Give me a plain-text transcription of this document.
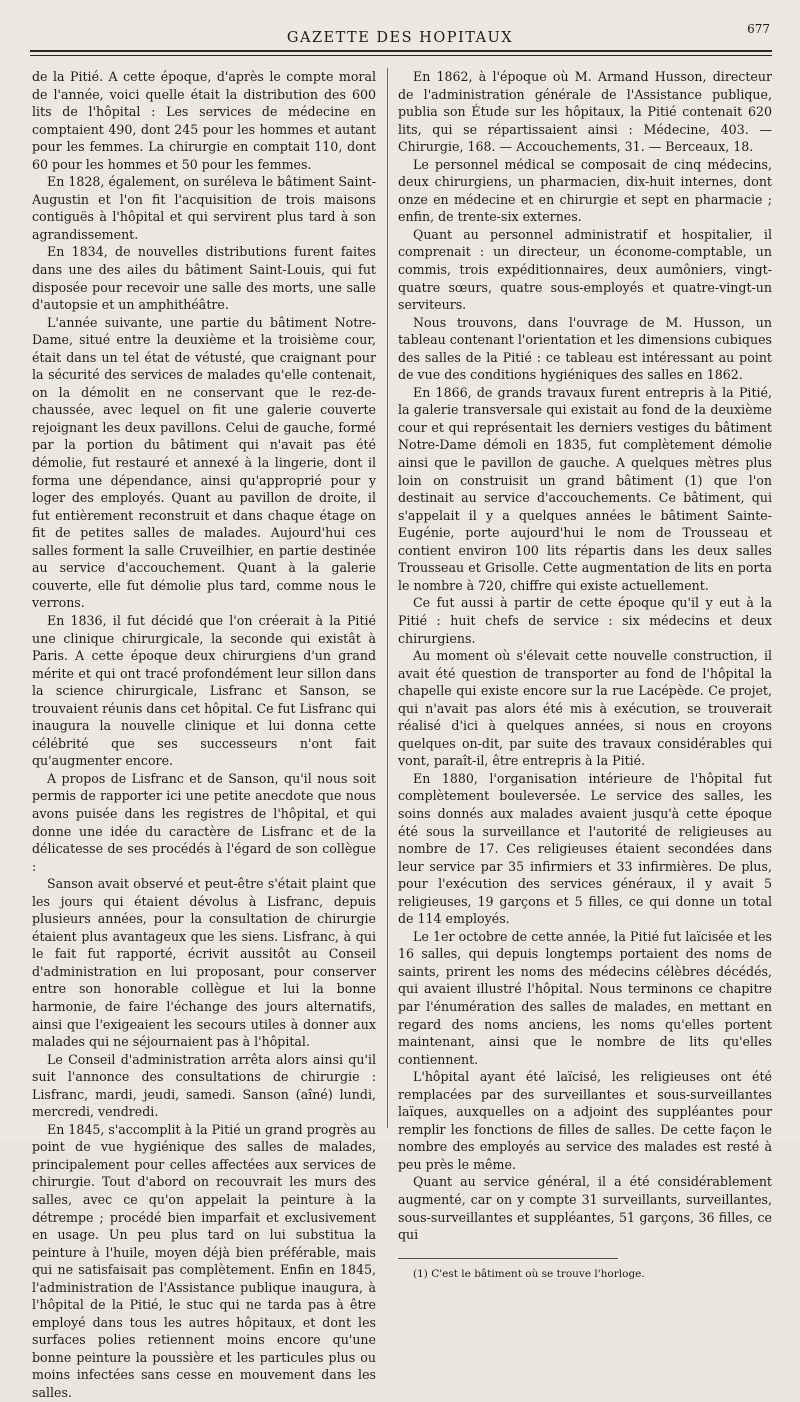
677
GAZETTE DES HOPITAUX

de la Pitié. A cette époque, d'après le compte moral de l'année, voici quelle était la distribution des 600 lits de l'hôpital : Les services de médecine en comptaient 490, dont 245 pour les hommes et autant pour les femmes. La chirurgie en comptait 110, dont 60 pour les hommes et 50 pour les femmes.

En 1828, également, on suréleva le bâtiment Saint-Augustin et l'on fit l'acquisition de trois maisons contiguës à l'hôpital et qui servirent plus tard à son agrandissement.

En 1834, de nouvelles distributions furent faites dans une des ailes du bâtiment Saint-Louis, qui fut disposée pour recevoir une salle des morts, une salle d'autopsie et un amphithéâtre.

L'année suivante, une partie du bâtiment Notre-Dame, situé entre la deuxième et la troisième cour, était dans un tel état de vétusté, que craignant pour la sécurité des services de malades qu'elle contenait, on la démolit en ne conservant que le rez-de-chaussée, avec lequel on fit une galerie couverte rejoignant les deux pavillons. Celui de gauche, formé par la portion du bâtiment qui n'avait pas été démolie, fut restauré et annexé à la lingerie, dont il forma une dépendance, ainsi qu'approprié pour y loger des employés. Quant au pavillon de droite, il fut entièrement reconstruit et dans chaque étage on fit de petites salles de malades. Aujourd'hui ces salles forment la salle Cruveilhier, en partie destinée au service d'accouchement. Quant à la galerie couverte, elle fut démolie plus tard, comme nous le verrons.

En 1836, il fut décidé que l'on créerait à la Pitié une clinique chirurgicale, la seconde qui existât à Paris. A cette époque deux chirurgiens d'un grand mérite et qui ont tracé profondément leur sillon dans la science chirurgicale, Lisfranc et Sanson, se trouvaient réunis dans cet hôpital. Ce fut Lisfranc qui inaugura la nouvelle clinique et lui donna cette célébrité que ses successeurs n'ont fait qu'augmenter encore.

A propos de Lisfranc et de Sanson, qu'il nous soit permis de rapporter ici une petite anecdote que nous avons puisée dans les registres de l'hôpital, et qui donne une idée du caractère de Lisfranc et de la délicatesse de ses procédés à l'égard de son collègue :

Sanson avait observé et peut-être s'était plaint que les jours qui étaient dévolus à Lisfranc, depuis plusieurs années, pour la consultation de chirurgie étaient plus avantageux que les siens. Lisfranc, à qui le fait fut rapporté, écrivit aussitôt au Conseil d'administration en lui proposant, pour conserver entre son honorable collègue et lui la bonne harmonie, de faire l'échange des jours alternatifs, ainsi que l'exigeaient les secours utiles à donner aux malades qui ne séjournaient pas à l'hôpital.

Le Conseil d'administration arrêta alors ainsi qu'il suit l'annonce des consultations de chirurgie : Lisfranc, mardi, jeudi, samedi. Sanson (aîné) lundi, mercredi, vendredi.

En 1845, s'accomplit à la Pitié un grand progrès au point de vue hygiénique des salles de malades, principalement pour celles affectées aux services de chirurgie. Tout d'abord on recouvrait les murs des salles, avec ce qu'on appelait la peinture à la détrempe ; procédé bien imparfait et exclusivement en usage. Un peu plus tard on lui substitua la peinture à l'huile, moyen déjà bien préférable, mais qui ne satisfaisait pas complètement. Enfin en 1845, l'administration de l'Assistance publique inaugura, à l'hôpital de la Pitié, le stuc qui ne tarda pas à être employé dans tous les autres hôpitaux, et dont les surfaces polies retiennent moins encore qu'une bonne peinture la poussière et les particules plus ou moins infectées sans cesse en mouvement dans les salles.

En 1862, à l'époque où M. Armand Husson, directeur de l'administration générale de l'Assistance publique, publia son Étude sur les hôpitaux, la Pitié contenait 620 lits, qui se répartissaient ainsi : Médecine, 403. — Chirurgie, 168. — Accouchements, 31. — Berceaux, 18.

Le personnel médical se composait de cinq médecins, deux chirurgiens, un pharmacien, dix-huit internes, dont onze en médecine et en chirurgie et sept en pharmacie ; enfin, de trente-six externes.

Quant au personnel administratif et hospitalier, il comprenait : un directeur, un économe-comptable, un commis, trois expéditionnaires, deux aumôniers, vingt-quatre sœurs, quatre sous-employés et quatre-vingt-un serviteurs.

Nous trouvons, dans l'ouvrage de M. Husson, un tableau contenant l'orientation et les dimensions cubiques des salles de la Pitié : ce tableau est intéressant au point de vue des conditions hygiéniques des salles en 1862.

En 1866, de grands travaux furent entrepris à la Pitié, la galerie transversale qui existait au fond de la deuxième cour et qui représentait les derniers vestiges du bâtiment Notre-Dame démoli en 1835, fut complètement démolie ainsi que le pavillon de gauche. A quelques mètres plus loin on construisit un grand bâtiment (1) que l'on destinait au service d'accouchements. Ce bâtiment, qui s'appelait il y a quelques années le bâtiment Sainte-Eugénie, porte aujourd'hui le nom de Trousseau et contient environ 100 lits répartis dans les deux salles Trousseau et Grisolle. Cette augmentation de lits en porta le nombre à 720, chiffre qui existe actuellement.

Ce fut aussi à partir de cette époque qu'il y eut à la Pitié : huit chefs de service : six médecins et deux chirurgiens.

Au moment où s'élevait cette nouvelle construction, il avait été question de transporter au fond de l'hôpital la chapelle qui existe encore sur la rue Lacépède. Ce projet, qui n'avait pas alors été mis à exécution, se trouverait réalisé d'ici à quelques années, si nous en croyons quelques on-dit, par suite des travaux considérables qui vont, paraît-il, être entrepris à la Pitié.

En 1880, l'organisation intérieure de l'hôpital fut complètement bouleversée. Le service des salles, les soins donnés aux malades avaient jusqu'à cette époque été sous la surveillance et l'autorité de religieuses au nombre de 17. Ces religieuses étaient secondées dans leur service par 35 infirmiers et 33 infirmières. De plus, pour l'exécution des services généraux, il y avait 5 religieuses, 19 garçons et 5 filles, ce qui donne un total de 114 employés.

Le 1er octobre de cette année, la Pitié fut laïcisée et les 16 salles, qui depuis longtemps portaient des noms de saints, prirent les noms des médecins célèbres décédés, qui avaient illustré l'hôpital. Nous terminons ce chapitre par l'énumération des salles de malades, en mettant en regard des noms anciens, les noms qu'elles portent maintenant, ainsi que le nombre de lits qu'elles contiennent.

L'hôpital ayant été laïcisé, les religieuses ont été remplacées par des surveillantes et sous-surveillantes laïques, auxquelles on a adjoint des suppléantes pour remplir les fonctions de filles de salles. De cette façon le nombre des employés au service des malades est resté à peu près le même.

Quant au service général, il a été considérablement augmenté, car on y compte 31 surveillants, surveillantes, sous-surveillantes et suppléantes, 51 garçons, 36 filles, ce qui

(1) C'est le bâtiment où se trouve l'horloge.
